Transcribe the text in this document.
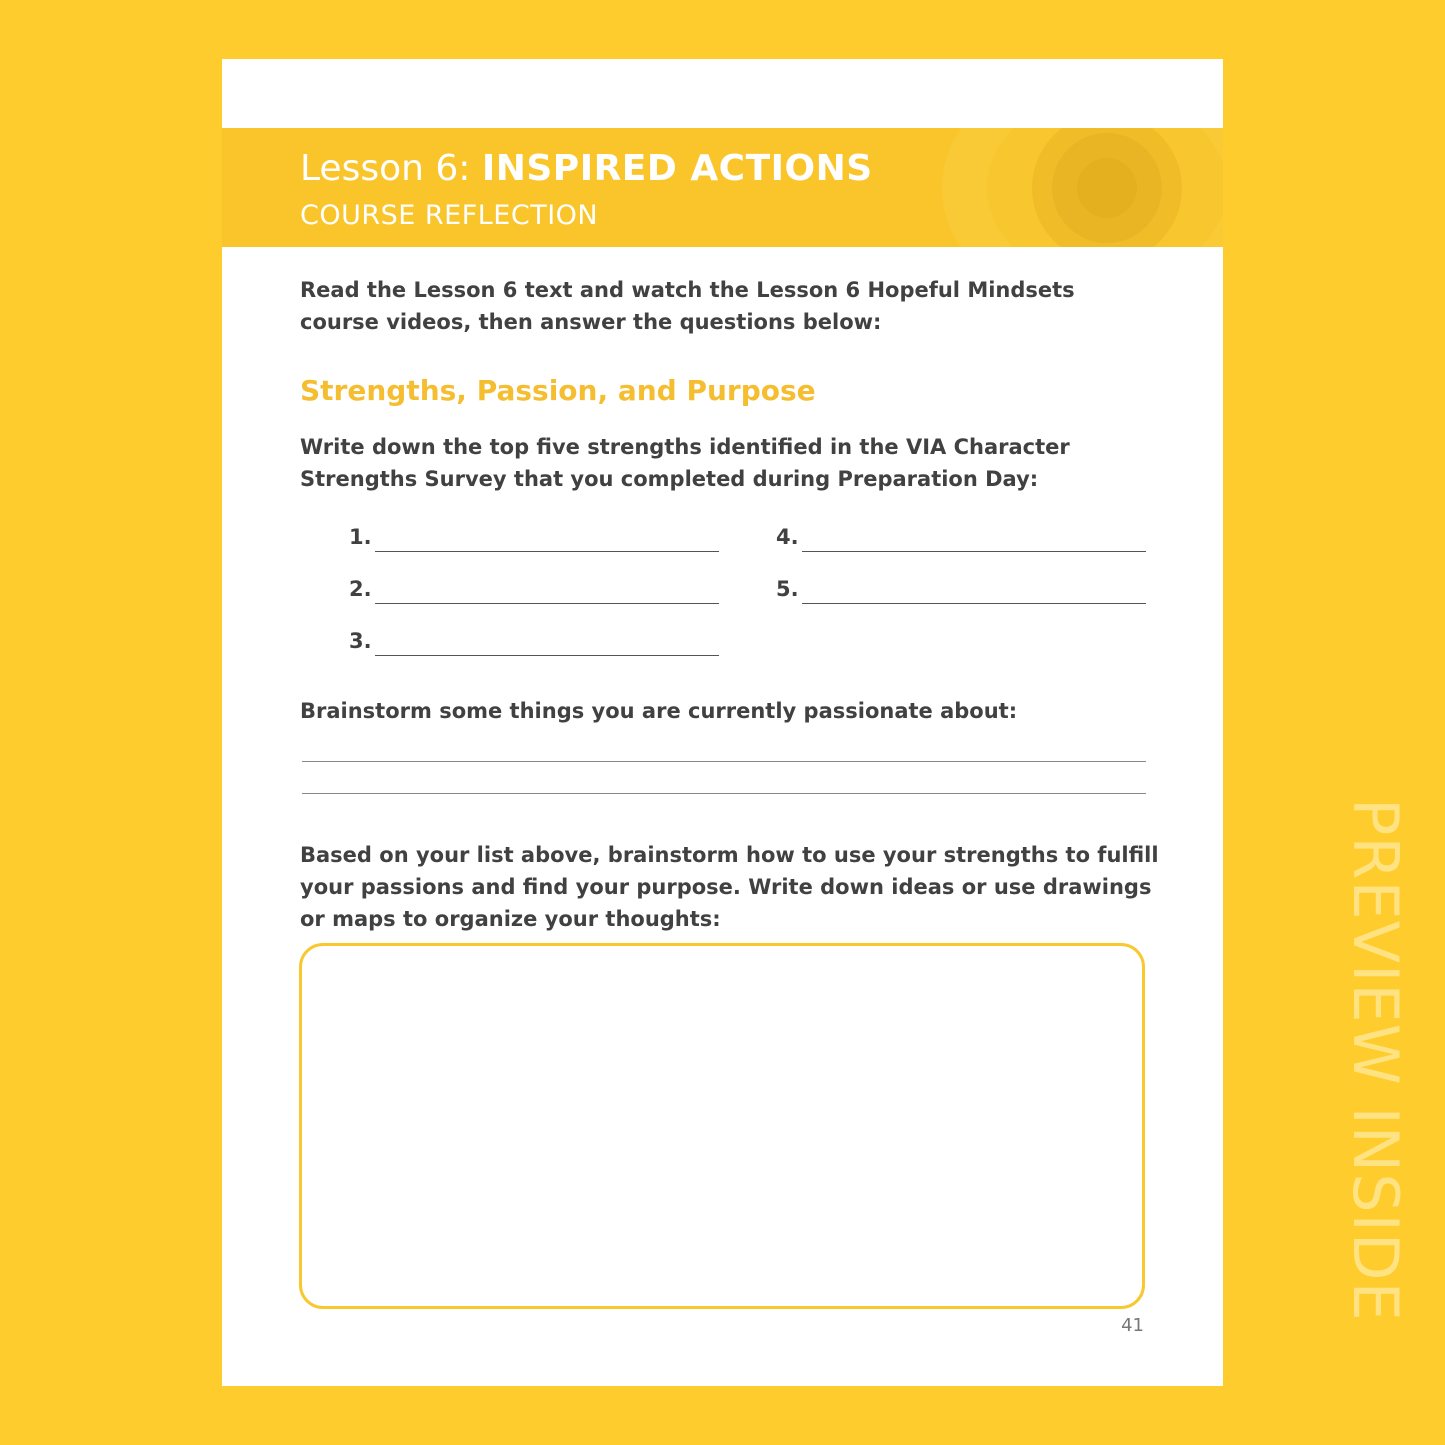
Lesson 6: INSPIRED ACTIONS
COURSE REFLECTION
Read the Lesson 6 text and watch the Lesson 6 Hopeful Mindsets course videos, then answer the questions below:
Strengths, Passion, and Purpose
Write down the top five strengths identified in the VIA Character Strengths Survey that you completed during Preparation Day:
1.
2.
3.
4.
5.
Brainstorm some things you are currently passionate about:
Based on your list above, brainstorm how to use your strengths to fulfill your passions and find your purpose. Write down ideas or use drawings or maps to organize your thoughts:
41
PREVIEW INSIDE
